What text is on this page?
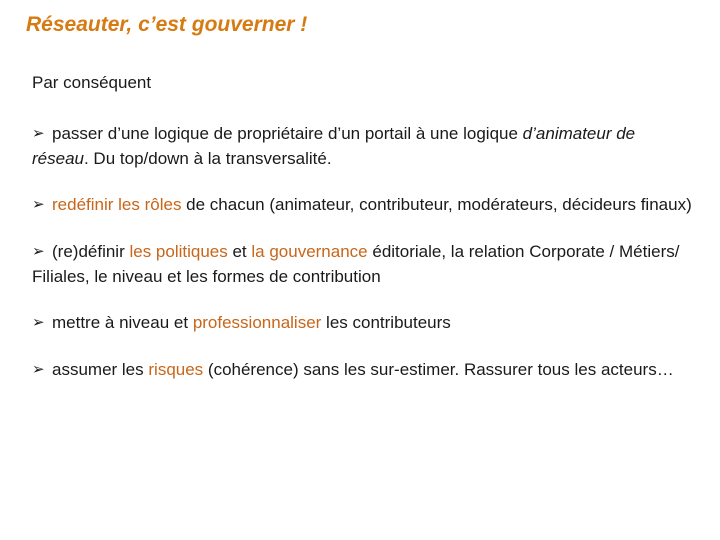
Réseauter, c’est gouverner !
Par conséquent
➢ passer d’une logique de propriétaire d’un portail à une logique d’animateur de réseau. Du top/down à la transversalité.
➢ redéfinir les rôles de chacun (animateur, contributeur, modérateurs, décideurs finaux)
➢ (re)définir les politiques et la gouvernance éditoriale, la relation Corporate / Métiers/ Filiales, le niveau et les formes de contribution
➢ mettre à niveau et professionnaliser les contributeurs
➢ assumer les risques (cohérence) sans les sur-estimer. Rassurer tous les acteurs…
